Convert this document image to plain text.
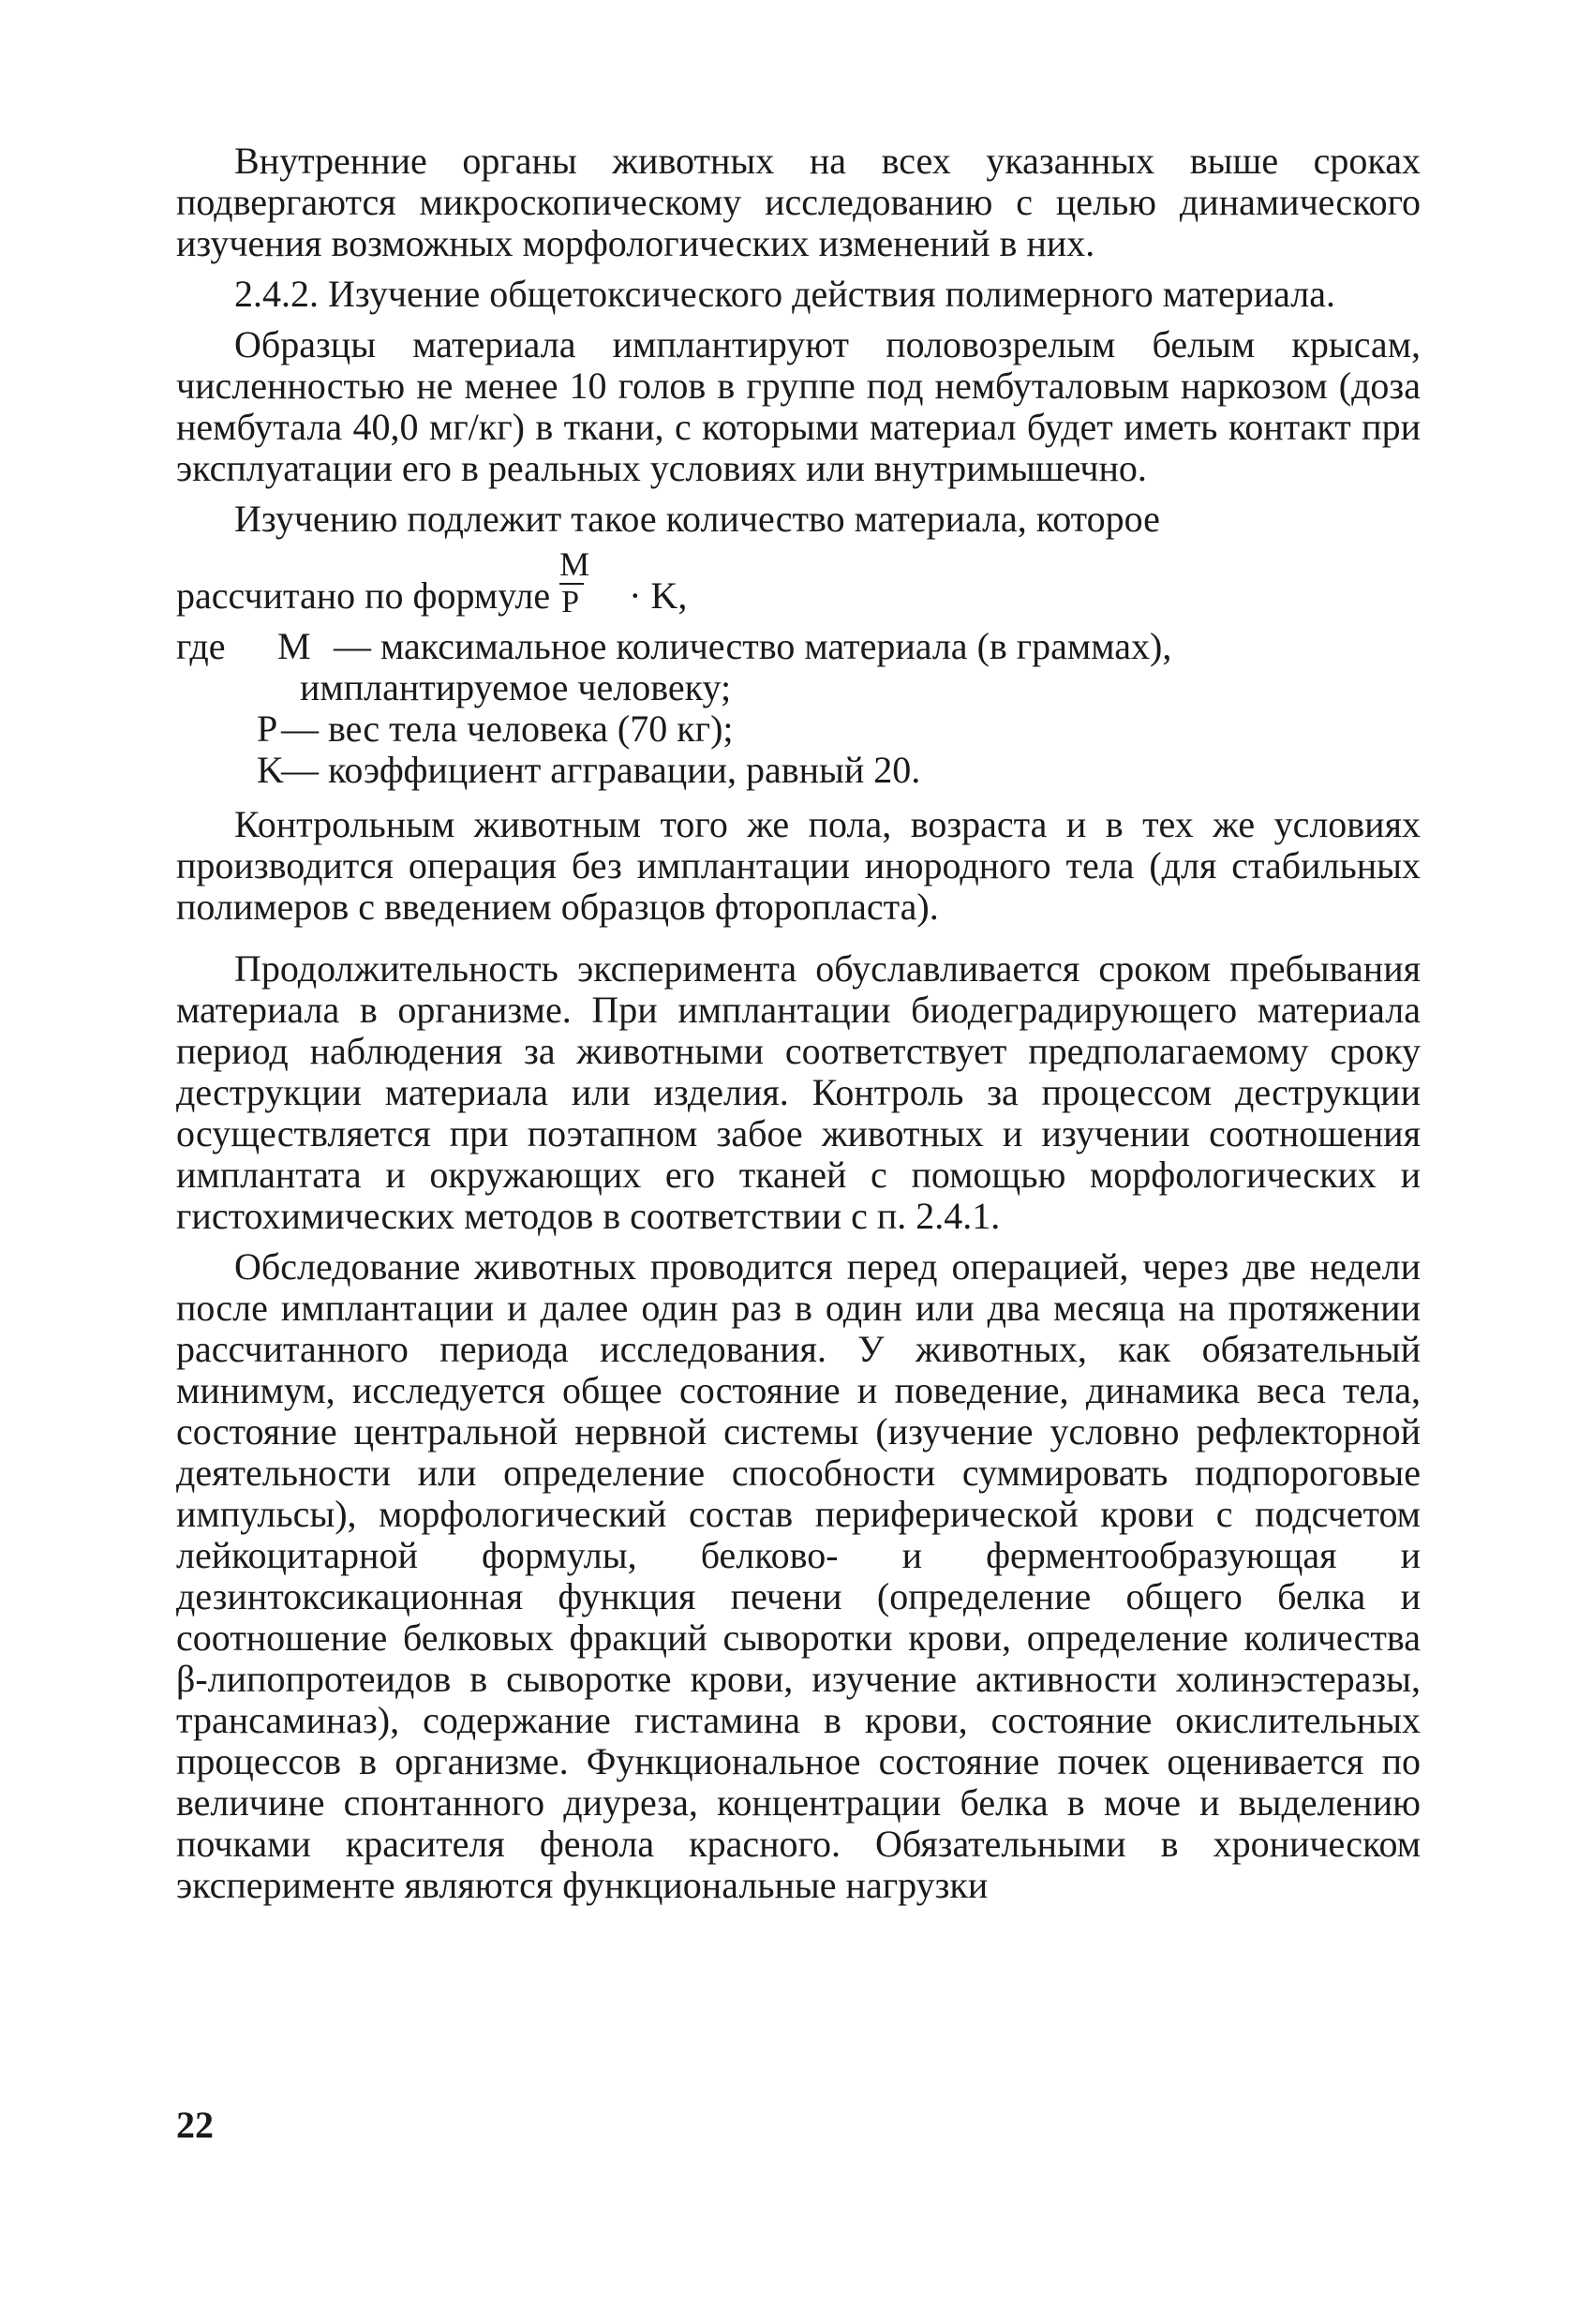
Внутренние органы животных на всех указанных выше сроках подвергаются микроскопическому исследованию с целью динамического изучения возможных морфологических изменений в них.

2.4.2. Изучение общетоксического действия полимерного материала.

Образцы материала имплантируют половозрелым белым крысам, численностью не менее 10 голов в группе под нембуталовым наркозом (доза нембутала 40,0 мг/кг) в ткани, с которыми материал будет иметь контакт при эксплуатации его в реальных условиях или внутримышечно.

Изучению подлежит такое количество материала, которое

рассчитано по формуле $\frac{M}{P} \cdot K$,
где	M — максимальное количество материала (в граммах),
имплантируемое человеку;
P — вес тела человека (70 кг);
K
— коэффициент аггравации, равный 20.

Контрольным животным того же пола, возраста и в тех же условиях производится операция без имплантации инородного тела (для стабильных полимеров с введением образцов фторопласта).

Продолжительность эксперимента обуславливается сроком пребывания материала в организме. При имплантации биодеградирующего материала период наблюдения за животными соответствует предполагаемому сроку деструкции материала или изделия. Контроль за процессом деструкции осуществляется при поэтапном забое животных и изучении соотношения имплантата и окружающих его тканей с помощью морфологических и гистохимических методов в соответствии с п. 2.4.1.

Обследование животных проводится перед операцией, через две недели после имплантации и далее один раз в один или два месяца на протяжении рассчитанного периода исследования. У животных, как обязательный минимум, исследуется общее состояние и поведение, динамика веса тела, состояние центральной нервной системы (изучение условно рефлекторной деятельности или определение способности суммировать подпороговые импульсы), морфологический состав периферической крови с подсчетом лейкоцитарной формулы, белково- и ферментообразующая и дезинтоксикационная функция печени (определение общего белка и соотношение белковых фракций сыворотки крови, определение количества β-липопротеидов в сыворотке крови, изучение активности холинэстеразы, трансаминаз), содержание гистамина в крови, состояние окислительных процессов в организме. Функциональное состояние почек оценивается по величине спонтанного диуреза, концентрации белка в моче и выделению почками красителя фенола красного. Обязательными в хроническом эксперименте являются функциональные нагрузки

22
